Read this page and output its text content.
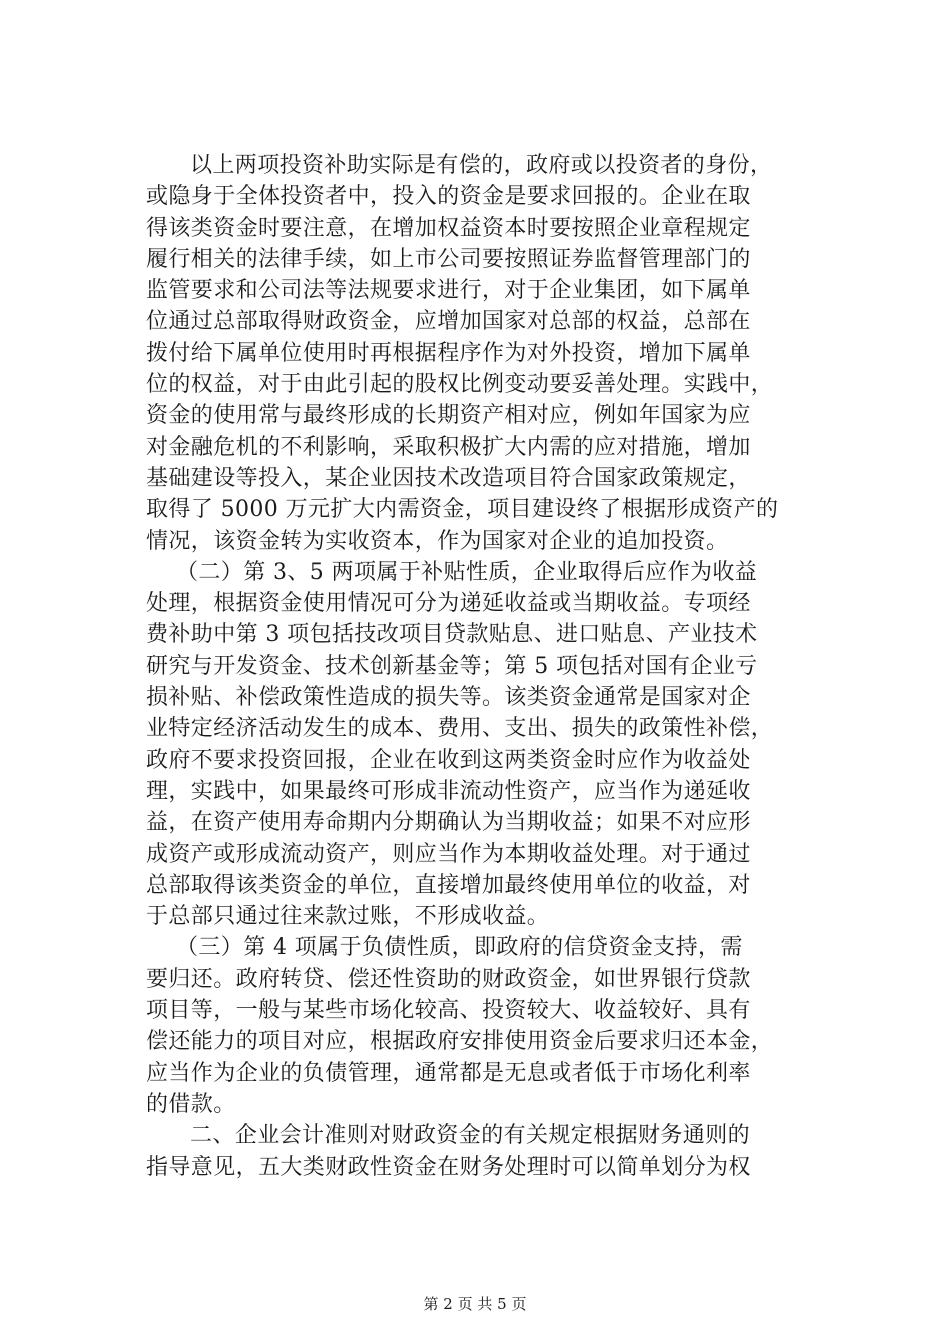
以上两项投资补助实际是有偿的，政府或以投资者的身份，
或隐身于全体投资者中，投入的资金是要求回报的。企业在取
得该类资金时要注意，在增加权益资本时要按照企业章程规定
履行相关的法律手续，如上市公司要按照证券监督管理部门的
监管要求和公司法等法规要求进行，对于企业集团，如下属单
位通过总部取得财政资金，应增加国家对总部的权益，总部在
拨付给下属单位使用时再根据程序作为对外投资，增加下属单
位的权益，对于由此引起的股权比例变动要妥善处理。实践中，
资金的使用常与最终形成的长期资产相对应，例如年国家为应
对金融危机的不利影响，采取积极扩大内需的应对措施，增加
基础建设等投入，某企业因技术改造项目符合国家政策规定，
取得了 5000 万元扩大内需资金，项目建设终了根据形成资产的
情况，该资金转为实收资本，作为国家对企业的追加投资。
（二）第 3、5 两项属于补贴性质，企业取得后应作为收益
处理，根据资金使用情况可分为递延收益或当期收益。专项经
费补助中第 3 项包括技改项目贷款贴息、进口贴息、产业技术
研究与开发资金、技术创新基金等；第 5 项包括对国有企业亏
损补贴、补偿政策性造成的损失等。该类资金通常是国家对企
业特定经济活动发生的成本、费用、支出、损失的政策性补偿，
政府不要求投资回报，企业在收到这两类资金时应作为收益处
理，实践中，如果最终可形成非流动性资产，应当作为递延收
益，在资产使用寿命期内分期确认为当期收益；如果不对应形
成资产或形成流动资产，则应当作为本期收益处理。对于通过
总部取得该类资金的单位，直接增加最终使用单位的收益，对
于总部只通过往来款过账，不形成收益。
（三）第 4 项属于负债性质，即政府的信贷资金支持，需
要归还。政府转贷、偿还性资助的财政资金，如世界银行贷款
项目等，一般与某些市场化较高、投资较大、收益较好、具有
偿还能力的项目对应，根据政府安排使用资金后要求归还本金，
应当作为企业的负债管理，通常都是无息或者低于市场化利率
的借款。
二、企业会计准则对财政资金的有关规定根据财务通则的
指导意见，五大类财政性资金在财务处理时可以简单划分为权
第 2 页 共 5 页
